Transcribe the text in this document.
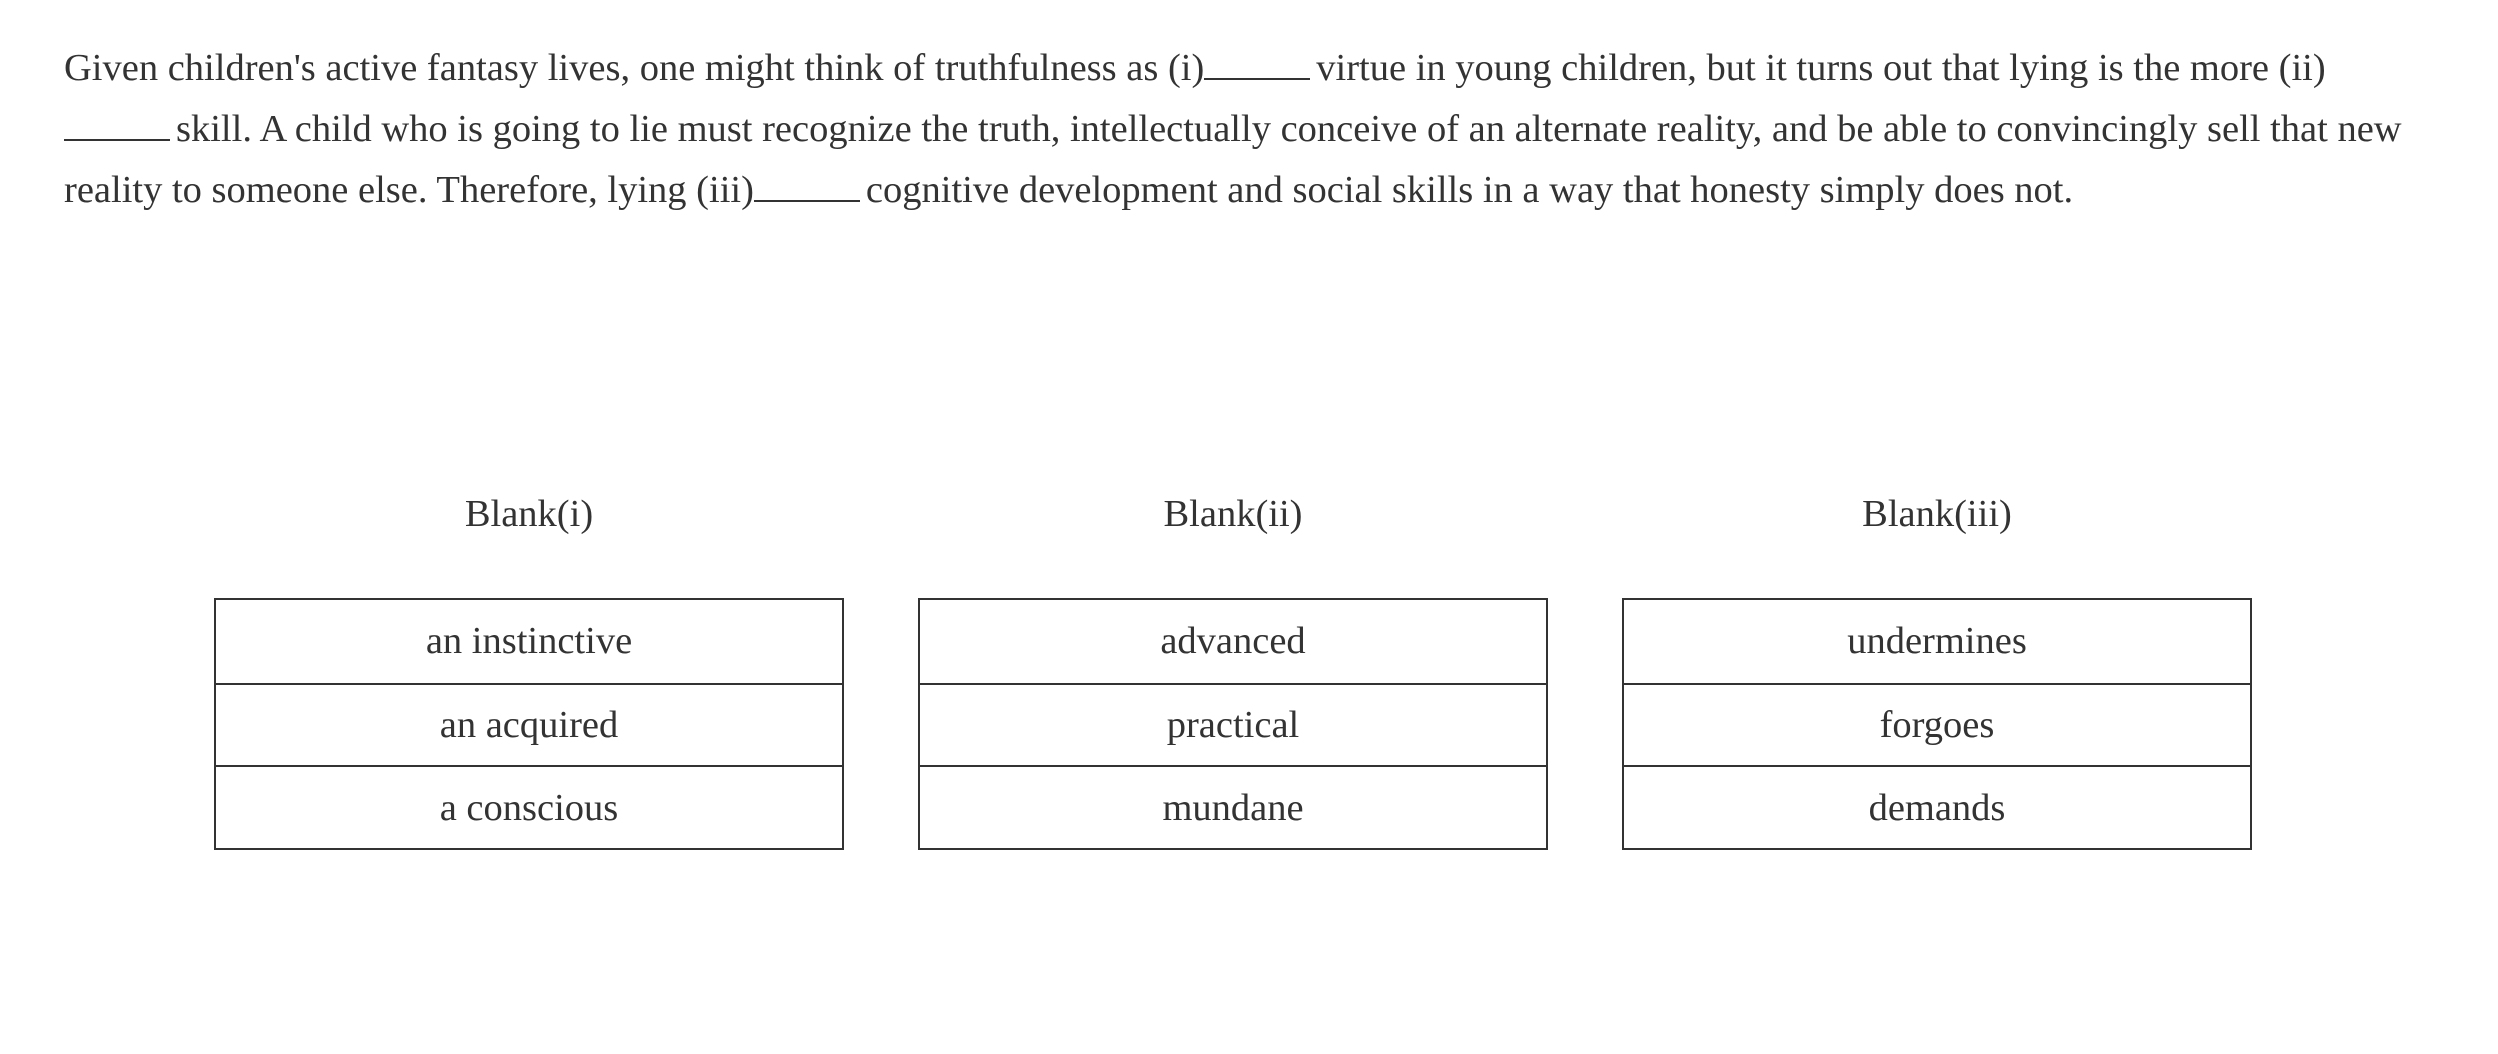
Given children's active fantasy lives, one might think of truthfulness as (i)	virtue in young children, but it turns out that lying is the more (ii)skill. A child who is going to lie must recognize the truth, intellectually conceive of an alternate reality, and be able to convincingly sell that new reality to someone else. Therefore, lying (iii)	cognitive development and social skills in a way that honesty simply does not.

Blank(i)
an instinctive
an acquired
a conscious
Blank(ii)
advanced
practical
mundane
Blank(iii)
undermines
forgoes
demands
